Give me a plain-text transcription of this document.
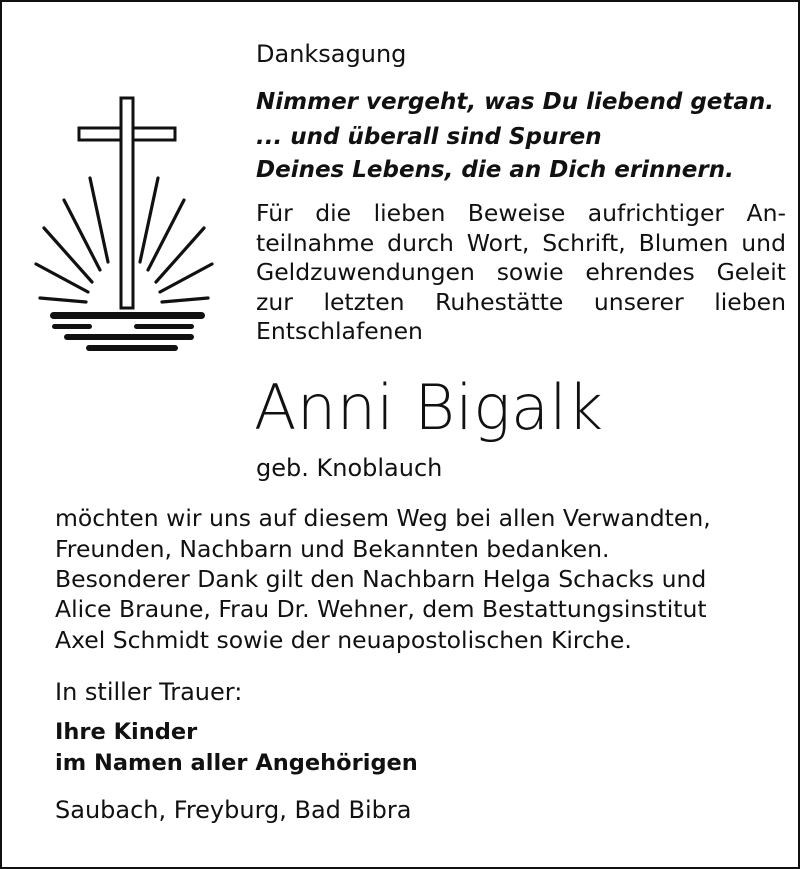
Danksagung
Nimmer vergeht, was Du liebend getan.
... und überall sind Spuren
Deines Lebens, die an Dich erinnern.
Für die lieben Beweise aufrichtiger Anteilnahme durch Wort, Schrift, Blumen und Geldzuwendungen sowie ehrendes Geleit zur letzten Ruhestätte unserer lieben Entschlafenen
Anni Bigalk
geb. Knoblauch
möchten wir uns auf diesem Weg bei allen Verwandten,
Freunden, Nachbarn und Bekannten bedanken.
Besonderer Dank gilt den Nachbarn Helga Schacks und
Alice Braune, Frau Dr. Wehner, dem Bestattungsinstitut
Axel Schmidt sowie der neuapostolischen Kirche.
In stiller Trauer:
Ihre Kinder
im Namen aller Angehörigen
Saubach, Freyburg, Bad Bibra
